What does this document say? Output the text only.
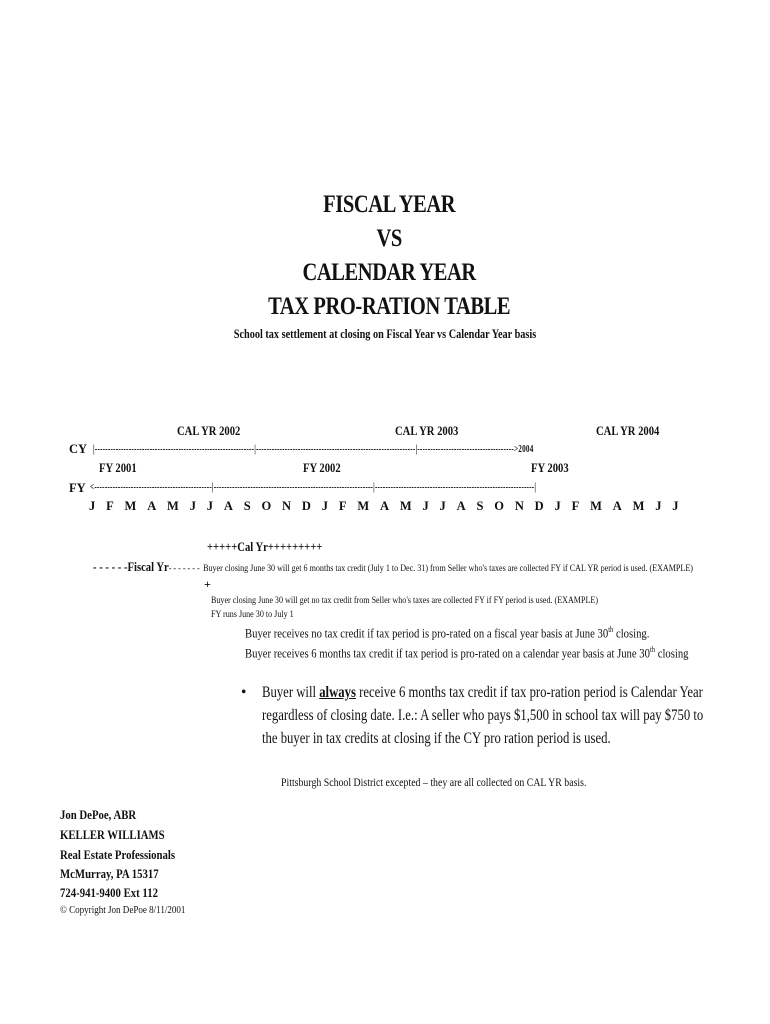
FISCAL YEAR
VS
CALENDAR YEAR
TAX PRO-RATION TABLE
School tax settlement at closing on Fiscal Year vs Calendar Year basis
CAL YR 2002	CAL YR 2003	CAL YR 2004
CY |-------------------------------------------------------------|-------------------------------------------------------------|------------------------------------->2004
FY 2001	FY 2002	FY 2003
FY <---------------------------------------------|-------------------------------------------------------------|-------------------------------------------------------------|
J F M A M J J A S O N D J F M A M J J A S O N D J F M A M J J
+++++Cal Yr+++++++++
- - - - - -Fiscal Yr- - - - - - - Buyer closing June 30 will get 6 months tax credit (July 1 to Dec. 31) from Seller who's taxes are collected FY if CAL YR period is used. (EXAMPLE)
+
Buyer closing June 30 will get no tax credit from Seller who's taxes are collected FY if FY period is used. (EXAMPLE)
FY runs June 30 to July 1
Buyer receives no tax credit if tax period is pro-rated on a fiscal year basis at June 30th closing.
Buyer receives 6 months tax credit if tax period is pro-rated on a calendar year basis at June 30th closing
• Buyer will always receive 6 months tax credit if tax pro-ration period is Calendar Year
regardless of closing date. I.e.: A seller who pays $1,500 in school tax will pay $750 to
the buyer in tax credits at closing if the CY pro ration period is used.
Pittsburgh School District excepted – they are all collected on CAL YR basis.
Jon DePoe, ABR
KELLER WILLIAMS
Real Estate Professionals
McMurray, PA 15317
724-941-9400 Ext 112
© Copyright Jon DePoe 8/11/2001
